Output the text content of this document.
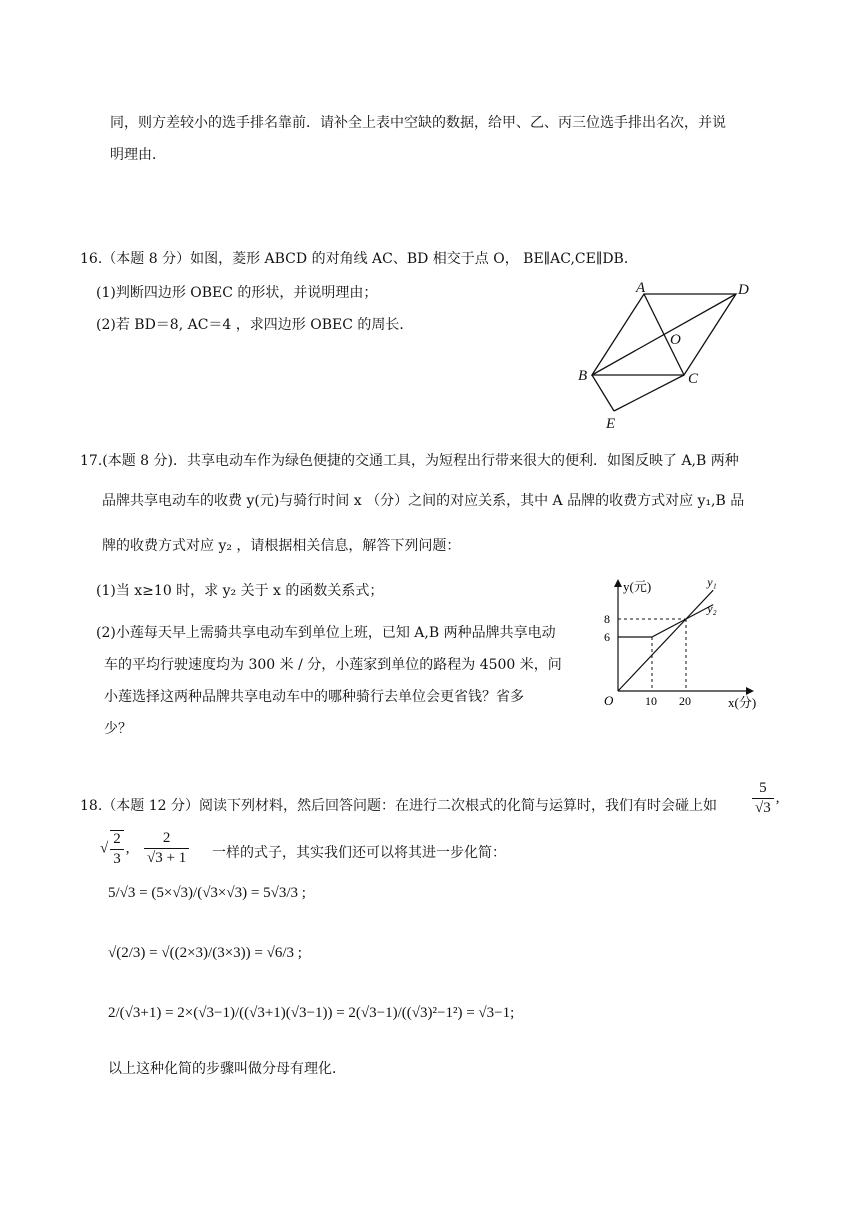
同，则方差较小的选手排名靠前．请补全上表中空缺的数据，给甲、乙、丙三位选手排出名次，并说
明理由．
16.（本题 8 分）如图，菱形 ABCD 的对角线 AC、BD 相交于点 O， BE∥AC,CE∥DB．
(1)判断四边形 OBEC 的形状，并说明理由；
(2)若 BD＝8, AC＝4 ，求四边形 OBEC 的周长．
A	D
O
B	C
E
17.(本题 8 分)．共享电动车作为绿色便捷的交通工具，为短程出行带来很大的便利．如图反映了 A,B 两种
品牌共享电动车的收费 y(元)与骑行时间 x （分）之间的对应关系，其中 A 品牌的收费方式对应 y₁,B 品
牌的收费方式对应 y₂ ，请根据相关信息，解答下列问题：
(1)当 x≥10 时，求 y₂ 关于 x 的函数关系式；
(2)小莲每天早上需骑共享电动车到单位上班，已知 A,B 两种品牌共享电动
车的平均行驶速度均为 300 米 / 分，小莲家到单位的路程为 4500 米，问
小莲选择这两种品牌共享电动车中的哪种骑行去单位会更省钱？省多
少？
y(元)
x(分)
O	10 20
6
8
y₁
y₂
18.（本题 12 分）阅读下列材料，然后回答问题：在进行二次根式的化简与运算时，我们有时会碰上如 $\frac{5}{√3}$ ,
√ $\frac{2}{3}$ , $\frac{2}{√3 + 1}$ 一样的式子，其实我们还可以将其进一步化简：
5/√3 = (5×√3)/(√3×√3) = 5√3/3 ;
√(2/3) = √((2×3)/(3×3)) = √6/3 ;
2/(√3+1) = 2×(√3−1)/((√3+1)(√3−1)) = 2(√3−1)/((√3)²−1²) = √3−1;
以上这种化简的步骤叫做分母有理化．
